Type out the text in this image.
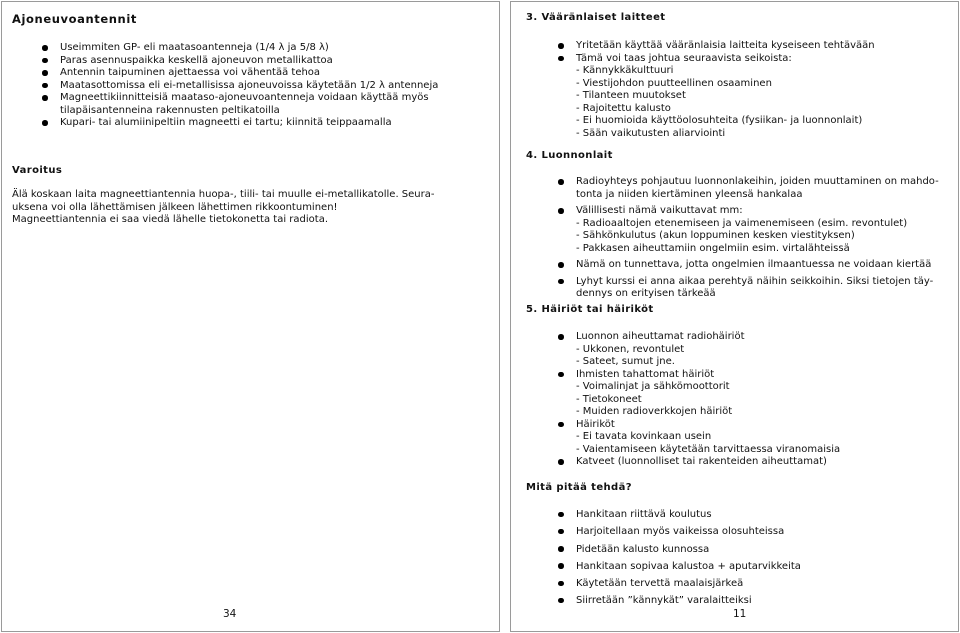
Ajoneuvoantennit
Useimmiten GP- eli maatasoantenneja (1/4 λ ja 5/8 λ)
Paras asennuspaikka keskellä ajoneuvon metallikattoa
Antennin taipuminen ajettaessa voi vähentää tehoa
Maatasottomissa eli ei-metallisissa ajoneuvoissa käytetään 1/2 λ antenneja
Magneettikiinnitteisiä maataso-ajoneuvoantenneja voidaan käyttää myös
tilapäisantenneina rakennusten peltikatoilla
Kupari- tai alumiinipeltiin magneetti ei tartu; kiinnitä teippaamalla
Varoitus
Älä koskaan laita magneettiantennia huopa-, tiili- tai muulle ei-metallikatolle. Seura-
uksena voi olla lähettämisen jälkeen lähettimen rikkoontuminen!
Magneettiantennia ei saa viedä lähelle tietokonetta tai radiota.
34
3. Vääränlaiset laitteet
Yritetään käyttää vääränlaisia laitteita kyseiseen tehtävään
Tämä voi taas johtua seuraavista seikoista:
- Kännykkäkulttuuri
- Viestijohdon puutteellinen osaaminen
- Tilanteen muutokset
- Rajoitettu kalusto
- Ei huomioida käyttöolosuhteita (fysiikan- ja luonnonlait)
- Sään vaikutusten aliarviointi
4. Luonnonlait
Radioyhteys pohjautuu luonnonlakeihin, joiden muuttaminen on mahdo-
tonta ja niiden kiertäminen yleensä hankalaa
Välillisesti nämä vaikuttavat mm:
- Radioaaltojen etenemiseen ja vaimenemiseen (esim. revontulet)
- Sähkönkulutus (akun loppuminen kesken viestityksen)
- Pakkasen aiheuttamiin ongelmiin esim. virtalähteissä
Nämä on tunnettava, jotta ongelmien ilmaantuessa ne voidaan kiertää
Lyhyt kurssi ei anna aikaa perehtyä näihin seikkoihin. Siksi tietojen täy-
dennys on erityisen tärkeää
5. Häiriöt tai häiriköt
Luonnon aiheuttamat radiohäiriöt
- Ukkonen, revontulet
- Sateet, sumut jne.
Ihmisten tahattomat häiriöt
- Voimalinjat ja sähkömoottorit
- Tietokoneet
- Muiden radioverkkojen häiriöt
Häiriköt
- Ei tavata kovinkaan usein
- Vaientamiseen käytetään tarvittaessa viranomaisia
Katveet (luonnolliset tai rakenteiden aiheuttamat)
Mitä pitää tehdä?
Hankitaan riittävä koulutus
Harjoitellaan myös vaikeissa olosuhteissa
Pidetään kalusto kunnossa
Hankitaan sopivaa kalustoa + aputarvikkeita
Käytetään tervettä maalaisjärkeä
Siirretään ”kännykät” varalaitteiksi
11
